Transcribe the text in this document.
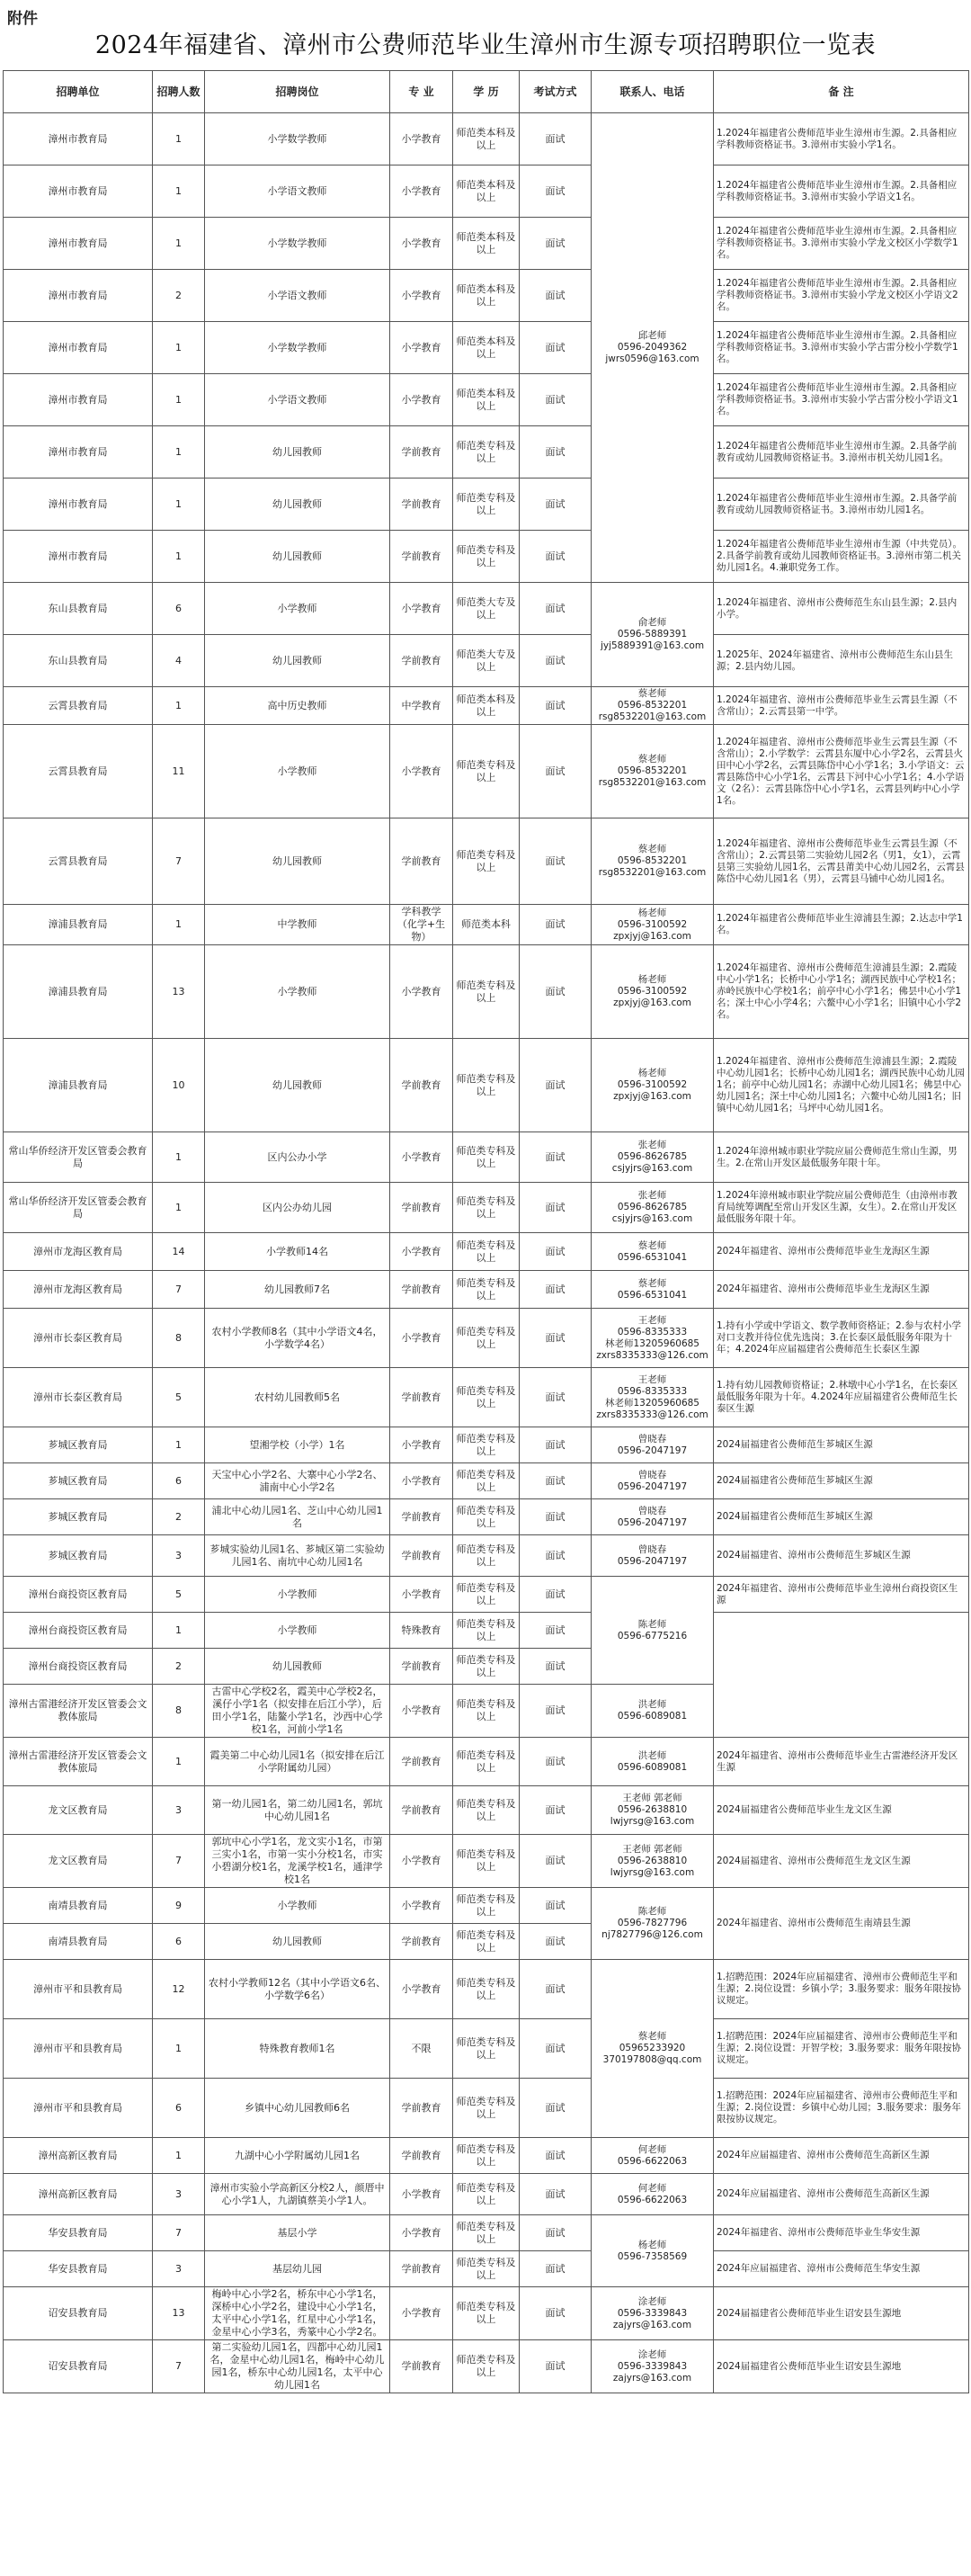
附件
2024年福建省、漳州市公费师范毕业生漳州市生源专项招聘职位一览表
招聘单位	招聘人数	招聘岗位	专 业	学 历	考试方式	联系人、电话	备 注
漳州市教育局	1	小学数学教师	小学教育	师范类本科及以上	面试	邱老师
0596-2049362
jwrs0596@163.com	1.2024年福建省公费师范毕业生漳州市生源。2.具备相应学科教师资格证书。3.漳州市实验小学1名。
漳州市教育局	1	小学语文教师	小学教育	师范类本科及以上	面试		1.2024年福建省公费师范毕业生漳州市生源。2.具备相应学科教师资格证书。3.漳州市实验小学语文1名。
漳州市教育局	1	小学数学教师	小学教育	师范类本科及以上	面试		1.2024年福建省公费师范毕业生漳州市生源。2.具备相应学科教师资格证书。3.漳州市实验小学龙文校区小学数学1名。
漳州市教育局	2	小学语文教师	小学教育	师范类本科及以上	面试		1.2024年福建省公费师范毕业生漳州市生源。2.具备相应学科教师资格证书。3.漳州市实验小学龙文校区小学语文2名。
漳州市教育局	1	小学数学教师	小学教育	师范类本科及以上	面试		1.2024年福建省公费师范毕业生漳州市生源。2.具备相应学科教师资格证书。3.漳州市实验小学古雷分校小学数学1名。
漳州市教育局	1	小学语文教师	小学教育	师范类本科及以上	面试		1.2024年福建省公费师范毕业生漳州市生源。2.具备相应学科教师资格证书。3.漳州市实验小学古雷分校小学语文1名。
漳州市教育局	1	幼儿园教师	学前教育	师范类专科及以上	面试		1.2024年福建省公费师范毕业生漳州市生源。2.具备学前教育或幼儿园教师资格证书。3.漳州市机关幼儿园1名。
漳州市教育局	1	幼儿园教师	学前教育	师范类专科及以上	面试		1.2024年福建省公费师范毕业生漳州市生源。2.具备学前教育或幼儿园教师资格证书。3.漳州市幼儿园1名。
漳州市教育局	1	幼儿园教师	学前教育	师范类专科及以上	面试		1.2024年福建省公费师范毕业生漳州市生源（中共党员）。2.具备学前教育或幼儿园教师资格证书。3.漳州市第二机关幼儿园1名。4.兼职党务工作。
东山县教育局	6	小学教师	小学教育	师范类大专及以上	面试	俞老师
0596-5889391
jyj5889391@163.com	1.2024年福建省、漳州市公费师范生东山县生源；2.县内小学。
东山县教育局	4	幼儿园教师	学前教育	师范类大专及以上	面试		1.2025年、2024年福建省、漳州市公费师范生东山县生源；2.县内幼儿园。
云霄县教育局	1	高中历史教师	中学教育	师范类本科及以上	面试	蔡老师
0596-8532201
rsg8532201@163.com	1.2024年福建省、漳州市公费师范毕业生云霄县生源（不含常山）；2.云霄县第一中学。
云霄县教育局	11	小学教师	小学教育	师范类专科及以上	面试	蔡老师
0596-8532201
rsg8532201@163.com	1.2024年福建省、漳州市公费师范毕业生云霄县生源（不含常山）；2.小学数学：云霄县东厦中心小学2名，云霄县火田中心小学2名，云霄县陈岱中心小学1名；3.小学语文：云霄县陈岱中心小学1名，云霄县下河中心小学1名；4.小学语文（2名）：云霄县陈岱中心小学1名，云霄县列屿中心小学1名。
云霄县教育局	7	幼儿园教师	学前教育	师范类专科及以上	面试	蔡老师
0596-8532201
rsg8532201@163.com	1.2024年福建省、漳州市公费师范毕业生云霄县生源（不含常山）；2.云霄县第二实验幼儿园2名（男1，女1），云霄县第三实验幼儿园1名，云霄县莆美中心幼儿园2名，云霄县陈岱中心幼儿园1名（男），云霄县马铺中心幼儿园1名。
漳浦县教育局	1	中学教师	学科教学（化学+生物）	师范类本科	面试	杨老师
0596-3100592
zpxjyj@163.com	1.2024年福建省公费师范毕业生漳浦县生源；2.达志中学1名。
漳浦县教育局	13	小学教师	小学教育	师范类专科及以上	面试	杨老师
0596-3100592
zpxjyj@163.com	1.2024年福建省、漳州市公费师范生漳浦县生源；2.霞陵中心小学1名；长桥中心小学1名；湖西民族中心学校1名；赤岭民族中心学校1名；前亭中心小学1名；佛昙中心小学1名；深土中心小学4名；六鳌中心小学1名；旧镇中心小学2名。
漳浦县教育局	10	幼儿园教师	学前教育	师范类专科及以上	面试	杨老师
0596-3100592
zpxjyj@163.com	1.2024年福建省、漳州市公费师范生漳浦县生源；2.霞陵中心幼儿园1名；长桥中心幼儿园1名；湖西民族中心幼儿园1名；前亭中心幼儿园1名；赤湖中心幼儿园1名；佛昙中心幼儿园1名；深土中心幼儿园1名；六鳌中心幼儿园1名；旧镇中心幼儿园1名；马坪中心幼儿园1名。
常山华侨经济开发区管委会教育局	1	区内公办小学	小学教育	师范类专科及以上	面试	张老师
0596-8626785
csjyjrs@163.com	1.2024年漳州城市职业学院应届公费师范生常山生源，男生。2.在常山开发区最低服务年限十年。
常山华侨经济开发区管委会教育局	1	区内公办幼儿园	学前教育	师范类专科及以上	面试	张老师
0596-8626785
csjyjrs@163.com	1.2024年漳州城市职业学院应届公费师范生（由漳州市教育局统筹调配至常山开发区生源，女生）。2.在常山开发区最低服务年限十年。
漳州市龙海区教育局	14	小学教师14名	小学教育	师范类专科及以上	面试	蔡老师
0596-6531041	2024年福建省、漳州市公费师范毕业生龙海区生源
漳州市龙海区教育局	7	幼儿园教师7名	学前教育	师范类专科及以上	面试	蔡老师
0596-6531041	2024年福建省、漳州市公费师范毕业生龙海区生源
漳州市长泰区教育局	8	农村小学教师8名（其中小学语文4名，小学数学4名）	小学教育	师范类专科及以上	面试	王老师
0596-8335333
林老师13205960685
zxrs8335333@126.com	1.持有小学或中学语文、数学教师资格证；2.参与农村小学对口支教并待位优先选岗；3.在长泰区最低服务年限为十年；4.2024年应届福建省公费师范生长泰区生源
漳州市长泰区教育局	5	农村幼儿园教师5名	学前教育	师范类专科及以上	面试	王老师
0596-8335333
林老师13205960685
zxrs8335333@126.com	1.持有幼儿园教师资格证；2.林墩中心小学1名，在长泰区最低服务年限为十年。4.2024年应届福建省公费师范生长泰区生源
芗城区教育局	1	望湘学校（小学）1名	小学教育	师范类专科及以上	面试	曾晓春
0596-2047197	2024届福建省公费师范生芗城区生源
芗城区教育局	6	天宝中心小学2名、大寨中心小学2名、浦南中心小学2名	小学教育	师范类专科及以上	面试	曾晓春
0596-2047197	2024届福建省公费师范生芗城区生源
芗城区教育局	2	浦北中心幼儿园1名、芝山中心幼儿园1名	学前教育	师范类专科及以上	面试	曾晓春
0596-2047197	2024届福建省公费师范生芗城区生源
芗城区教育局	3	芗城实验幼儿园1名、芗城区第二实验幼儿园1名、南坑中心幼儿园1名	学前教育	师范类专科及以上	面试	曾晓春
0596-2047197	2024届福建省、漳州市公费师范生芗城区生源
漳州台商投资区教育局	5	小学教师	小学教育	师范类专科及以上	面试	陈老师
0596-6775216	2024年福建省、漳州市公费师范毕业生漳州台商投资区生源
漳州台商投资区教育局	1	小学教师	特殊教育	师范类专科及以上	面试		
漳州台商投资区教育局	2	幼儿园教师	学前教育	师范类专科及以上	面试		
漳州古雷港经济开发区管委会文教体旅局	8	古雷中心学校2名，霞美中心学校2名，溪仔小学1名（拟安排在后江小学），后田小学1名，陆鳌小学1名，沙西中心学校1名，河前小学1名	小学教育	师范类专科及以上	面试	洪老师
0596-6089081	

漳州古雷港经济开发区管委会文教体旅局	1	霞美第二中心幼儿园1名（拟安排在后江小学附属幼儿园）	学前教育	师范类专科及以上	面试	洪老师
0596-6089081	2024年福建省、漳州市公费师范毕业生古雷港经济开发区生源
龙文区教育局	3	第一幼儿园1名，第二幼儿园1名，郭坑中心幼儿园1名	学前教育	师范类专科及以上	面试	王老师 郭老师
0596-2638810
lwjyrsg@163.com	2024届福建省公费师范毕业生龙文区生源
龙文区教育局	7	郭坑中心小学1名，龙文实小1名，市第三实小1名，市第一实小分校1名，市实小碧湖分校1名，龙溪学校1名，通津学校1名	小学教育	师范类专科及以上	面试	王老师 郭老师
0596-2638810
lwjyrsg@163.com	2024届福建省、漳州市公费师范生龙文区生源
南靖县教育局	9	小学教师	小学教育	师范类专科及以上	面试	陈老师
0596-7827796
nj7827796@126.com	2024年福建省、漳州市公费师范生南靖县生源
南靖县教育局	6	幼儿园教师	学前教育	师范类专科及以上	面试		
漳州市平和县教育局	12	农村小学教师12名（其中小学语文6名、小学数学6名）	小学教育	师范类专科及以上	面试	蔡老师
05965233920
370197808@qq.com	1.招聘范围：2024年应届福建省、漳州市公费师范生平和生源；2.岗位设置：乡镇小学；3.服务要求：服务年限按协议规定。
漳州市平和县教育局	1	特殊教育教师1名	不限	师范类专科及以上	面试		1.招聘范围：2024年应届福建省、漳州市公费师范生平和生源；2.岗位设置：开智学校；3.服务要求：服务年限按协议规定。
漳州市平和县教育局	6	乡镇中心幼儿园教师6名	学前教育	师范类专科及以上	面试		1.招聘范围：2024年应届福建省、漳州市公费师范生平和生源；2.岗位设置：乡镇中心幼儿园；3.服务要求：服务年限按协议规定。
漳州高新区教育局	1	九湖中心小学附属幼儿园1名	学前教育	师范类专科及以上	面试	何老师
0596-6622063	2024年应届福建省、漳州市公费师范生高新区生源
漳州高新区教育局	3	漳州市实验小学高新区分校2人，颜厝中心小学1人，九湖镇蔡美小学1人。	小学教育	师范类专科及以上	面试	何老师
0596-6622063	2024年应届福建省、漳州市公费师范生高新区生源
华安县教育局	7	基层小学	小学教育	师范类专科及以上	面试	杨老师
0596-7358569	2024年福建省、漳州市公费师范毕业生华安生源
华安县教育局	3	基层幼儿园	学前教育	师范类专科及以上	面试		2024年应届福建省、漳州市公费师范生华安生源
诏安县教育局	13	梅岭中心小学2名，桥东中心小学1名，深桥中心小学2名，建设中心小学1名，太平中心小学1名，红星中心小学1名，金星中心小学3名，秀篆中心小学2名。	小学教育	师范类专科及以上	面试	涂老师
0596-3339843
zajyrs@163.com	2024届福建省公费师范毕业生诏安县生源地
诏安县教育局	7	第二实验幼儿园1名，四都中心幼儿园1名，金星中心幼儿园1名，梅岭中心幼儿园1名，桥东中心幼儿园1名，太平中心幼儿园1名	学前教育	师范类专科及以上	面试	涂老师
0596-3339843
zajyrs@163.com	2024届福建省公费师范毕业生诏安县生源地
